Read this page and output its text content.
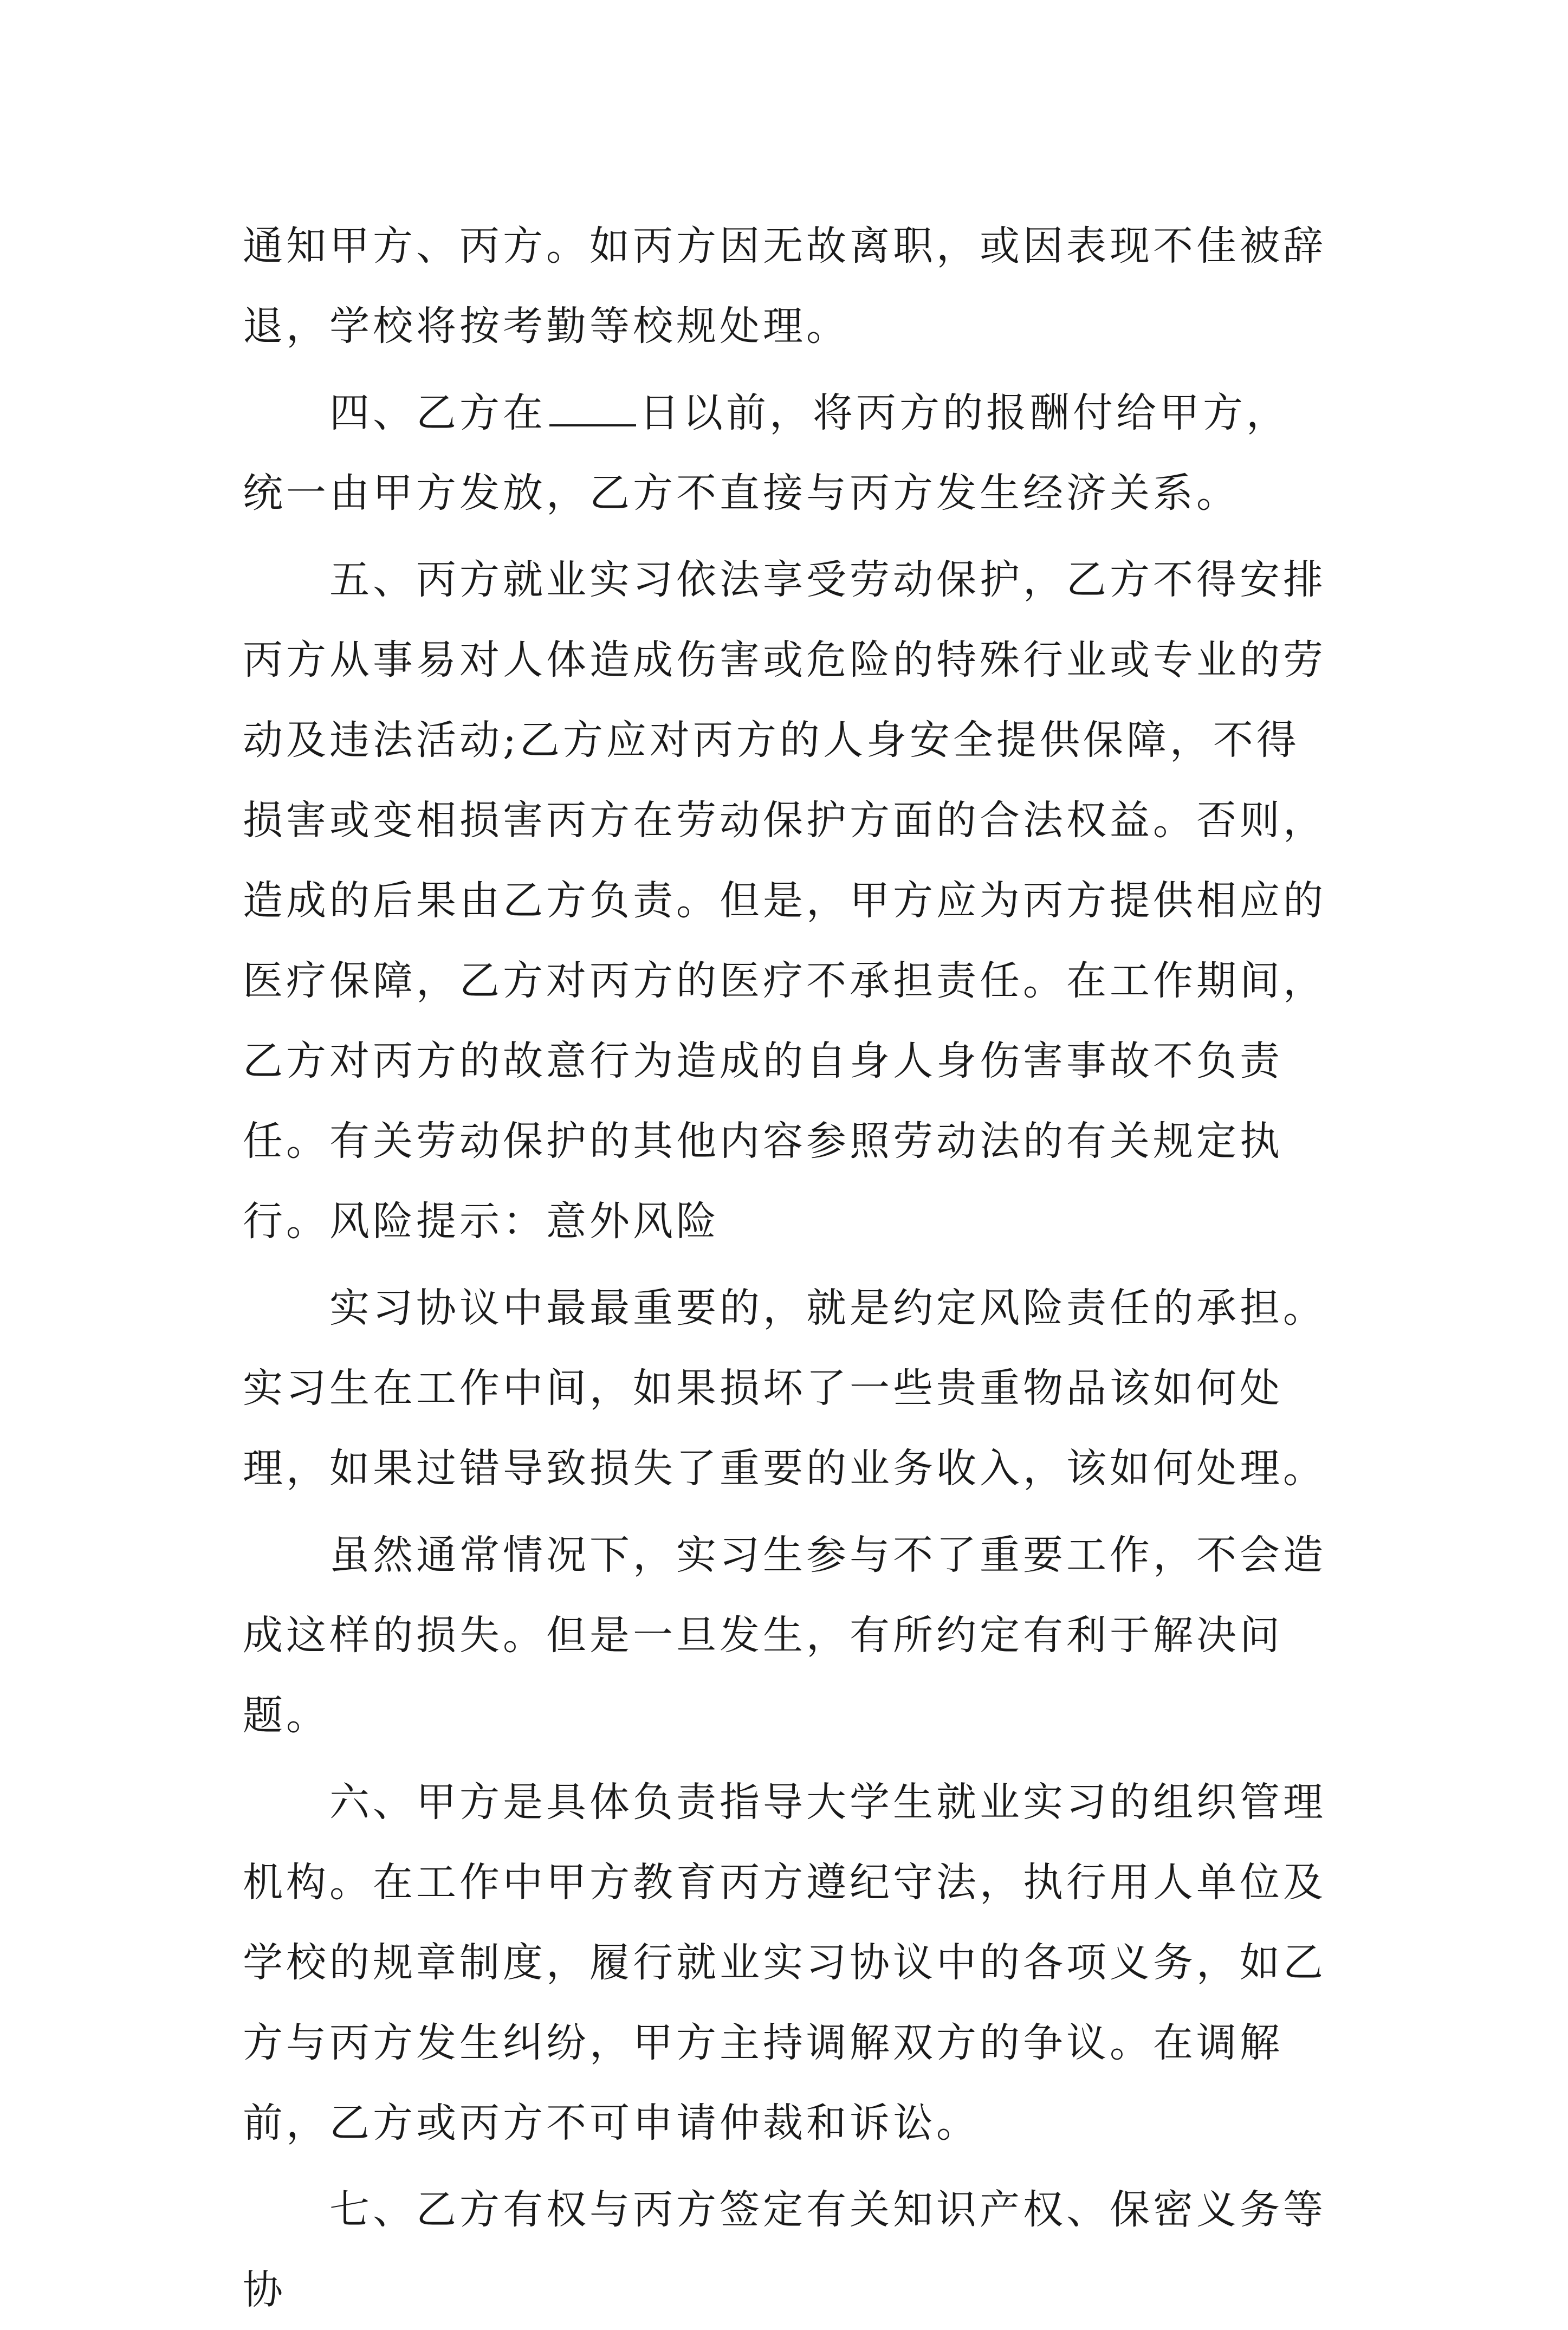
通知甲方、丙方。如丙方因无故离职，或因表现不佳被辞退，学校将按考勤等校规处理。

四、乙方在 日以前，将丙方的报酬付给甲方，统一由甲方发放，乙方不直接与丙方发生经济关系。

五、丙方就业实习依法享受劳动保护，乙方不得安排丙方从事易对人体造成伤害或危险的特殊行业或专业的劳动及违法活动;乙方应对丙方的人身安全提供保障，不得损害或变相损害丙方在劳动保护方面的合法权益。否则，造成的后果由乙方负责。但是，甲方应为丙方提供相应的医疗保障，乙方对丙方的医疗不承担责任。在工作期间，乙方对丙方的故意行为造成的自身人身伤害事故不负责任。有关劳动保护的其他内容参照劳动法的有关规定执行。风险提示：意外风险

实习协议中最最重要的，就是约定风险责任的承担。实习生在工作中间，如果损坏了一些贵重物品该如何处理，如果过错导致损失了重要的业务收入，该如何处理。

虽然通常情况下，实习生参与不了重要工作，不会造成这样的损失。但是一旦发生，有所约定有利于解决问题。

六、甲方是具体负责指导大学生就业实习的组织管理机构。在工作中甲方教育丙方遵纪守法，执行用人单位及学校的规章制度，履行就业实习协议中的各项义务，如乙方与丙方发生纠纷，甲方主持调解双方的争议。在调解前，乙方或丙方不可申请仲裁和诉讼。

七、乙方有权与丙方签定有关知识产权、保密义务等协
